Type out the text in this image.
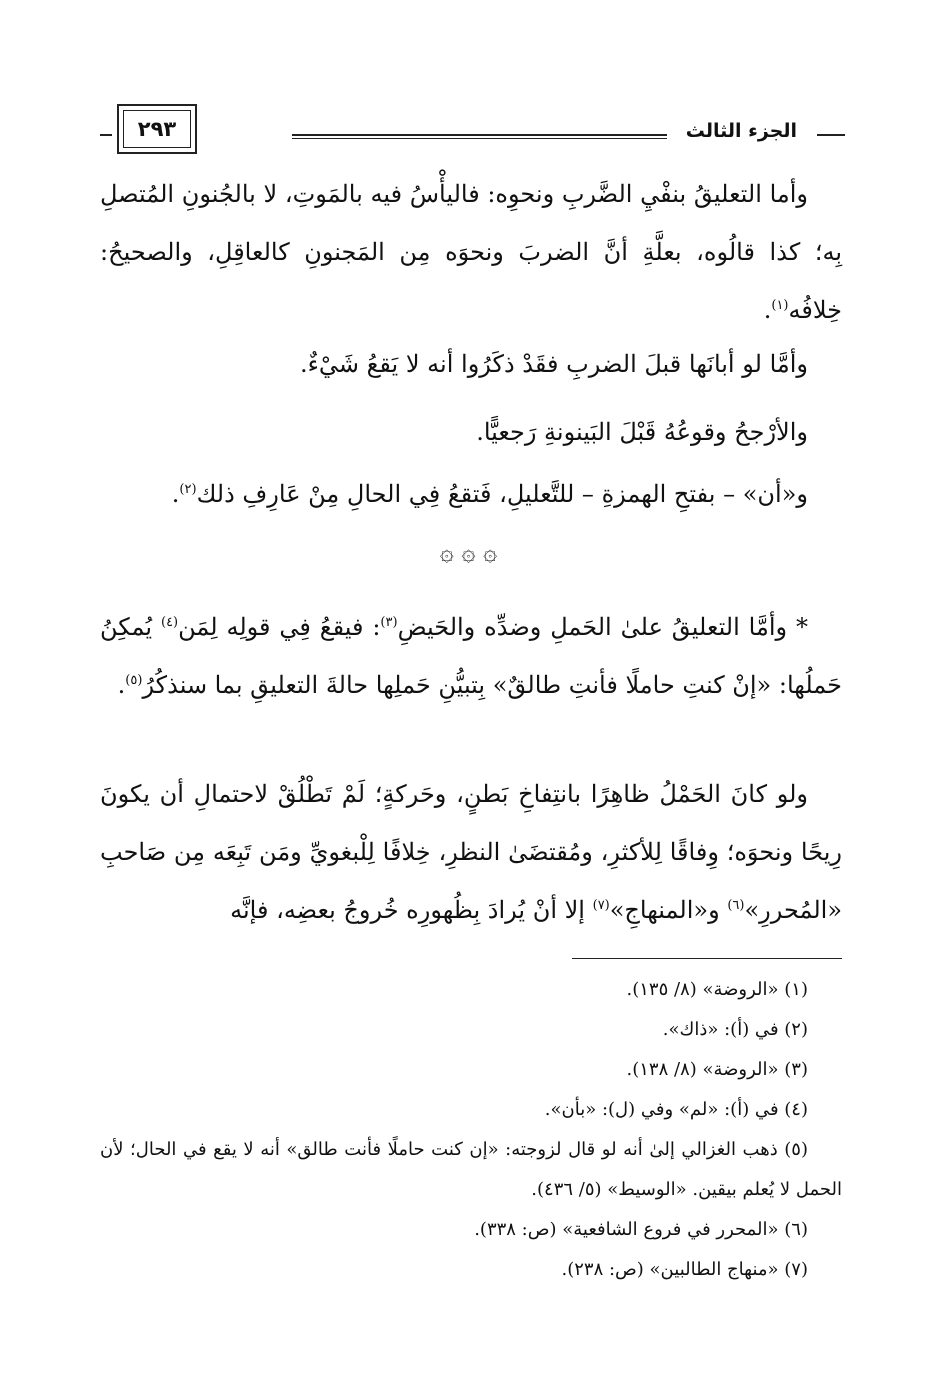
الجزء الثالث
٢٩٣
وأما التعليقُ بنفْيِ الضَّربِ ونحوِه: فاليأْسُ فيه بالمَوتِ، لا بالجُنونِ المُتصلِ بِه؛ كذا قالُوه، بعلَّةِ أنَّ الضربَ ونحوَه مِن المَجنونِ كالعاقِلِ، والصحيحُ: خِلافُه$^{(١)}$.
وأمَّا لو أبانَها قبلَ الضربِ فقَدْ ذكَرُوا أنه لا يَقعُ شَيْءٌ.
والأرْجحُ وقوعُهُ قَبْلَ البَينونةِ رَجعيًّا.
و«أن» – بفتحِ الهمزةِ – للتَّعليلِ، فَتقعُ فِي الحالِ مِنْ عَارِفِ ذلك$^{(٢)}$.
۞ ۞ ۞
* وأمَّا التعليقُ علىٰ الحَملِ وضدِّه والحَيضِ$^{(٣)}$: فيقعُ فِي قولِه لِمَن$^{(٤)}$ يُمكِنُ حَملُها: «إنْ كنتِ حاملًا فأنتِ طالقٌ» بِتبيُّنِ حَملِها حالةَ التعليقِ بما سنذكُرُ$^{(٥)}$.
ولو كانَ الحَمْلُ ظاهِرًا بانتِفاخِ بَطنٍ، وحَركةٍ؛ لَمْ تَطْلُقْ لاحتمالِ أن يكونَ رِيحًا ونحوَه؛ وِفاقًا لِلأكثرِ، ومُقتضَىٰ النظرِ، خِلافًا لِلْبغويِّ ومَن تَبِعَه مِن صَاحبِ «المُحررِ»$^{(٦)}$ و«المنهاجِ»$^{(٧)}$ إلا أنْ يُرادَ بِظُهورِه خُروجُ بعضِه، فإنَّه
(١) «الروضة» (٨/ ١٣٥).
(٢) في (أ): «ذاك».
(٣) «الروضة» (٨/ ١٣٨).
(٤) في (أ): «لم» وفي (ل): «بأن».
(٥) ذهب الغزالي إلىٰ أنه لو قال لزوجته: «إن كنت حاملًا فأنت طالق» أنه لا يقع في الحال؛ لأن الحمل لا يُعلم بيقين. «الوسيط» (٥/ ٤٣٦).
(٦) «المحرر في فروع الشافعية» (ص: ٣٣٨).
(٧) «منهاج الطالبين» (ص: ٢٣٨).
